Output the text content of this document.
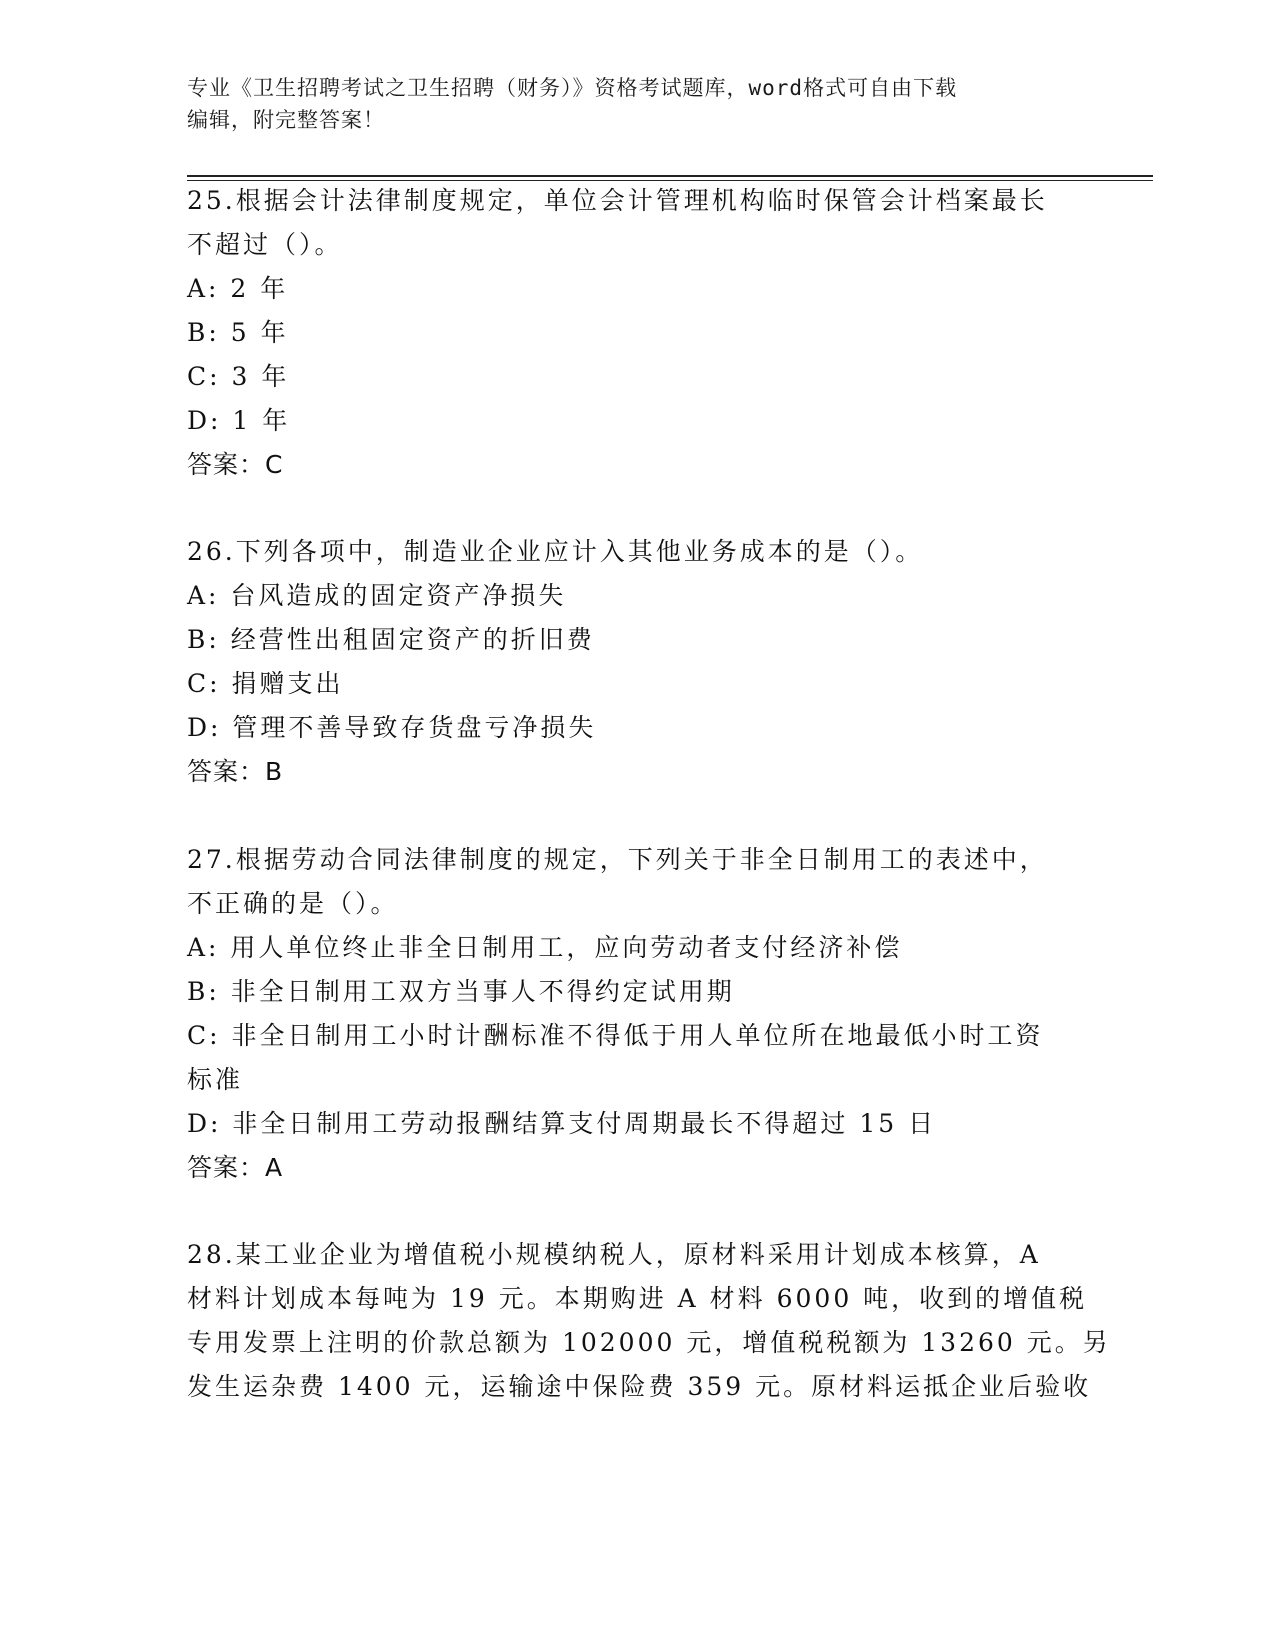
专业《卫生招聘考试之卫生招聘（财务）》资格考试题库，word格式可自由下载
编辑，附完整答案！

25.根据会计法律制度规定，单位会计管理机构临时保管会计档案最长

不超过（）。

A: 2 年

B: 5 年

C: 3 年

D: 1 年

答案：C

26.下列各项中，制造业企业应计入其他业务成本的是（）。

A: 台风造成的固定资产净损失

B: 经营性出租固定资产的折旧费

C: 捐赠支出

D: 管理不善导致存货盘亏净损失

答案：B

27.根据劳动合同法律制度的规定，下列关于非全日制用工的表述中，

不正确的是（）。

A: 用人单位终止非全日制用工，应向劳动者支付经济补偿

B: 非全日制用工双方当事人不得约定试用期

C: 非全日制用工小时计酬标准不得低于用人单位所在地最低小时工资

标准

D: 非全日制用工劳动报酬结算支付周期最长不得超过 15 日

答案：A

28.某工业企业为增值税小规模纳税人，原材料采用计划成本核算，A

材料计划成本每吨为 19 元。本期购进 A 材料 6000 吨，收到的增值税

专用发票上注明的价款总额为 102000 元，增值税税额为 13260 元。另

发生运杂费 1400 元，运输途中保险费 359 元。原材料运抵企业后验收
